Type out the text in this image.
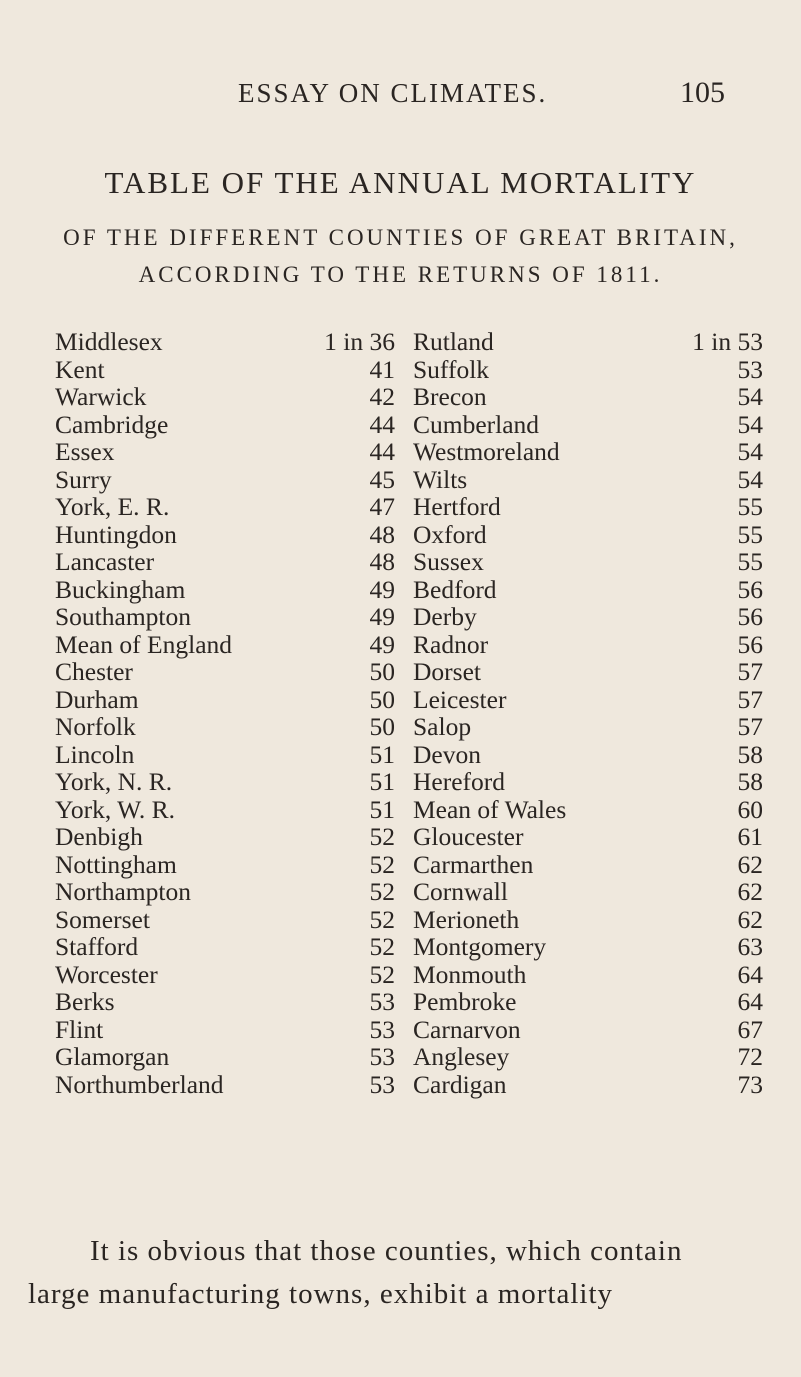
ESSAY ON CLIMATES.	105
TABLE OF THE ANNUAL MORTALITY
OF THE DIFFERENT COUNTIES OF GREAT BRITAIN,
ACCORDING TO THE RETURNS OF 1811.
Middlesex	1 in 36
Kent	41
Warwick	42
Cambridge	44
Essex	44
Surry	45
York, E. R.	47
Huntingdon	48
Lancaster	48
Buckingham	49
Southampton	49
Mean of England	49
Chester	50
Durham	50
Norfolk	50
Lincoln	51
York, N. R.	51
York, W. R.	51
Denbigh	52
Nottingham	52
Northampton	52
Somerset	52
Stafford	52
Worcester	52
Berks	53
Flint	53
Glamorgan	53
Northumberland	53
Rutland	1 in 53
Suffolk	53
Brecon	54
Cumberland	54
Westmoreland	54
Wilts	54
Hertford	55
Oxford	55
Sussex	55
Bedford	56
Derby	56
Radnor	56
Dorset	57
Leicester	57
Salop	57
Devon	58
Hereford	58
Mean of Wales	60
Gloucester	61
Carmarthen	62
Cornwall	62
Merioneth	62
Montgomery	63
Monmouth	64
Pembroke	64
Carnarvon	67
Anglesey	72
Cardigan	73
It is obvious that those counties, which contain
large manufacturing towns, exhibit a mortality
